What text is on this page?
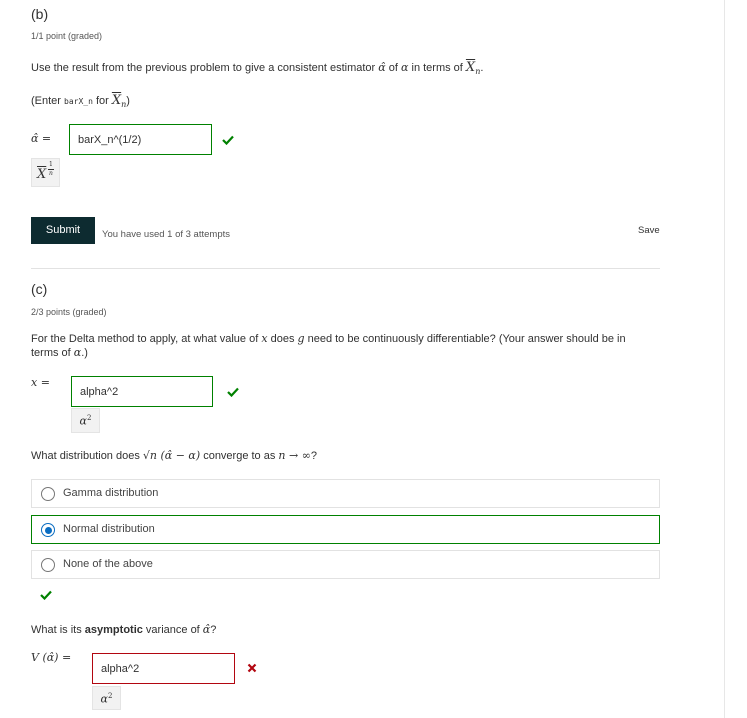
(b)
1/1 point (graded)
Use the result from the previous problem to give a consistent estimator α̂ of α in terms of $\overline{X}_n$.
(Enter barX_n for $\overline{X}_n$)
α̂ =	barX_n^(1/2)
$\overline{X}$
1
n
Submit	You have used 1 of 3 attempts	Save
(c)
2/3 points (graded)
For the Delta method to apply, at what value of x does g need to be continuously differentiable? (Your answer should be in
terms of α.)
x =
alpha^2
$\alpha^2$
What distribution does √n (α̂ − α) converge to as n → ∞?
Gamma distribution
Normal distribution
None of the above
What is its asymptotic variance of α̂?
V (α̂) =
alpha^2
$\alpha^2$
